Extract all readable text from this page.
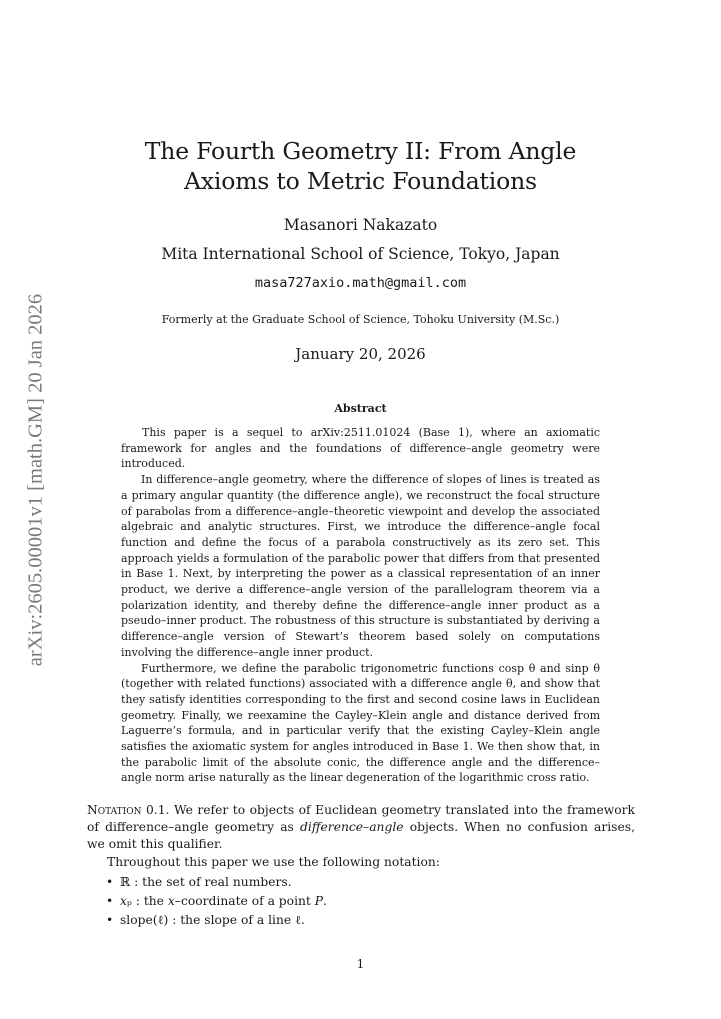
arXiv:2605.00001v1 [math.GM] 20 Jan 2026
The Fourth Geometry II: From Angle Axioms to Metric Foundations
Masanori Nakazato
Mita International School of Science, Tokyo, Japan
masa727axio.math@gmail.com
Formerly at the Graduate School of Science, Tohoku University (M.Sc.)
January 20, 2026
Abstract

This paper is a sequel to arXiv:2511.01024 (Base 1), where an axiomatic framework for angles and the foundations of difference–angle geometry were introduced.

In difference–angle geometry, where the difference of slopes of lines is treated as a primary angular quantity (the difference angle), we reconstruct the focal structure of parabolas from a difference–angle–theoretic viewpoint and develop the associated algebraic and analytic structures. First, we introduce the difference–angle focal function and define the focus of a parabola constructively as its zero set. This approach yields a formulation of the parabolic power that differs from that presented in Base 1. Next, by interpreting the power as a classical representation of an inner product, we derive a difference–angle version of the parallelogram theorem via a polarization identity, and thereby define the difference–angle inner product as a pseudo–inner product. The robustness of this structure is substantiated by deriving a difference–angle version of Stewart’s theorem based solely on computations involving the difference–angle inner product.

Furthermore, we define the parabolic trigonometric functions cosp θ and sinp θ (together with related functions) associated with a difference angle θ, and show that they satisfy identities corresponding to the first and second cosine laws in Euclidean geometry. Finally, we reexamine the Cayley–Klein angle and distance derived from Laguerre’s formula, and in particular verify that the existing Cayley–Klein angle satisfies the axiomatic system for angles introduced in Base 1. We then show that, in the parabolic limit of the absolute conic, the difference angle and the difference–angle norm arise naturally as the linear degeneration of the logarithmic cross ratio.

Notation 0.1. We refer to objects of Euclidean geometry translated into the framework of difference–angle geometry as difference–angle objects. When no confusion arises, we omit this qualifier.

Throughout this paper we use the following notation:

• ℝ : the set of real numbers.
• 𝑥ₚ : the 𝑥–coordinate of a point 𝑃.
• slope(ℓ) : the slope of a line ℓ.
1
